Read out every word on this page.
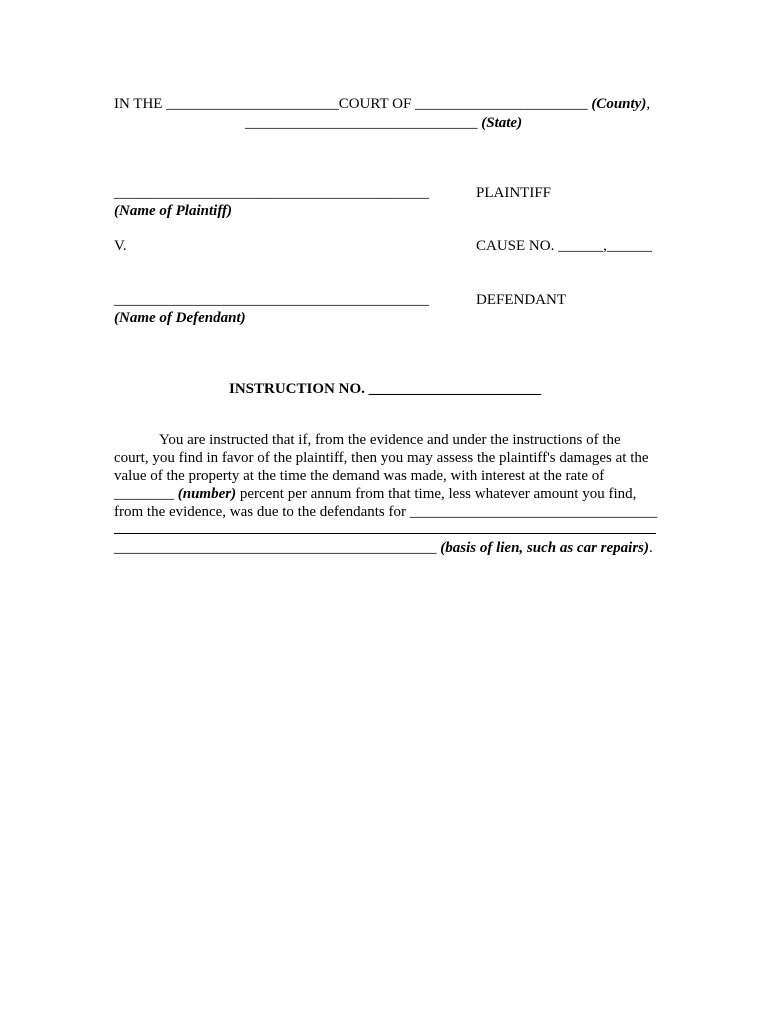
IN THE _______________________COURT OF _______________________ (County),
_______________________________ (State)
__________________________________________
(Name of Plaintiff)
PLAINTIFF
V.	CAUSE NO. ______,______
__________________________________________
(Name of Defendant)
DEFENDANT
INSTRUCTION NO. _______________________
You are instructed that if, from the evidence and under the instructions of the
court, you find in favor of the plaintiff, then you may assess the plaintiff's damages at the
value of the property at the time the demand was made, with interest at the rate of
________ (number) percent per annum from that time, less whatever amount you find,
from the evidence, was due to the defendants for _________________________________
___________________________________________ (basis of lien, such as car repairs).
